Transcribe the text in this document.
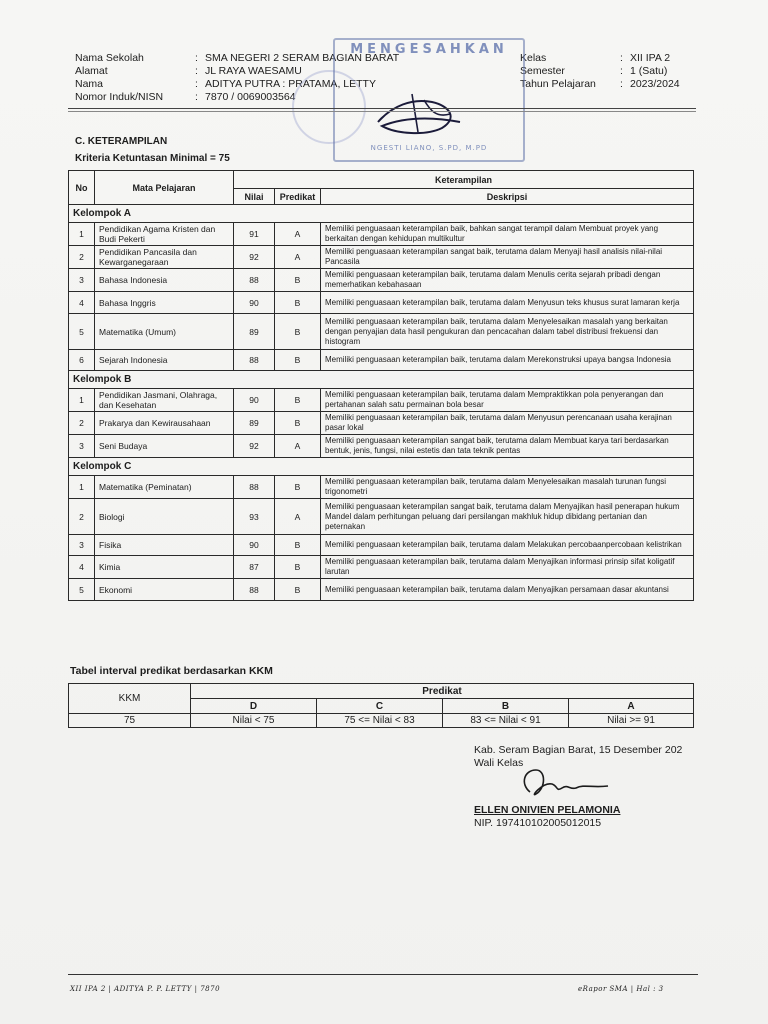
Nama Sekolah	: SMA NEGERI 2 SERAM BAGIAN BARAT
Alamat	: JL RAYA WAESAMU
Nama	: ADITYA PUTRA : PRATAMA, LETTY
Nomor Induk/NISN	: 7870 / 0069003564
Kelas	: XII IPA 2
Semester	: 1 (Satu)
Tahun Pelajaran	: 2023/2024
MENGESAHKAN
NGESTI LIANO, S.PD, M.PD
C. KETERAMPILAN
Kriteria Ketuntasan Minimal = 75
No	Mata Pelajaran	Keterampilan		
		Nilai	Predikat	Deskripsi
Kelompok A				
1	Pendidikan Agama Kristen dan Budi Pekerti	91	A	Memiliki penguasaan keterampilan baik, bahkan sangat terampil dalam Membuat proyek yang berkaitan dengan kehidupan multikultur
2	Pendidikan Pancasila dan Kewarganegaraan	92	A	Memiliki penguasaan keterampilan sangat baik, terutama dalam Menyaji hasil analisis nilai-nilai Pancasila
3	Bahasa Indonesia	88	B	Memiliki penguasaan keterampilan baik, terutama dalam Menulis cerita sejarah pribadi dengan memerhatikan kebahasaan
4	Bahasa Inggris	90	B	Memiliki penguasaan keterampilan baik, terutama dalam Menyusun teks khusus surat lamaran kerja
5	Matematika (Umum)	89	B	Memiliki penguasaan keterampilan baik, terutama dalam Menyelesaikan masalah yang berkaitan dengan penyajian data hasil pengukuran dan pencacahan dalam tabel distribusi frekuensi dan histogram
6	Sejarah Indonesia	88	B	Memiliki penguasaan keterampilan baik, terutama dalam Merekonstruksi upaya bangsa Indonesia
Kelompok B				
1	Pendidikan Jasmani, Olahraga, dan Kesehatan	90	B	Memiliki penguasaan keterampilan baik, terutama dalam Mempraktikkan pola penyerangan dan pertahanan salah satu permainan bola besar
2	Prakarya dan Kewirausahaan	89	B	Memiliki penguasaan keterampilan baik, terutama dalam Menyusun perencanaan usaha kerajinan pasar lokal
3	Seni Budaya	92	A	Memiliki penguasaan keterampilan sangat baik, terutama dalam Membuat karya tari berdasarkan bentuk, jenis, fungsi, nilai estetis dan tata teknik pentas
Kelompok C				
1	Matematika (Peminatan)	88	B	Memiliki penguasaan keterampilan baik, terutama dalam Menyelesaikan masalah turunan fungsi trigonometri
2	Biologi	93	A	Memiliki penguasaan keterampilan sangat baik, terutama dalam Menyajikan hasil penerapan hukum Mandel dalam perhitungan peluang dari persilangan makhluk hidup dibidang pertanian dan peternakan
3	Fisika	90	B	Memiliki penguasaan keterampilan baik, terutama dalam Melakukan percobaanpercobaan kelistrikan
4	Kimia	87	B	Memiliki penguasaan keterampilan baik, terutama dalam Menyajikan informasi prinsip sifat koligatif larutan
5	Ekonomi	88	B	Memiliki penguasaan keterampilan baik, terutama dalam Menyajikan persamaan dasar akuntansi
Tabel interval predikat berdasarkan KKM
KKM	Predikat			
	D	C	B	A
75	Nilai < 75	75 <= Nilai < 83	83 <= Nilai < 91	Nilai >= 91
Kab. Seram Bagian Barat, 15 Desember 202
Wali Kelas
ELLEN ONIVIEN PELAMONIA
NIP. 197410102005012015
XII IPA 2 | ADITYA P. P. LETTY | 7870	eRapor SMA | Hal : 3
